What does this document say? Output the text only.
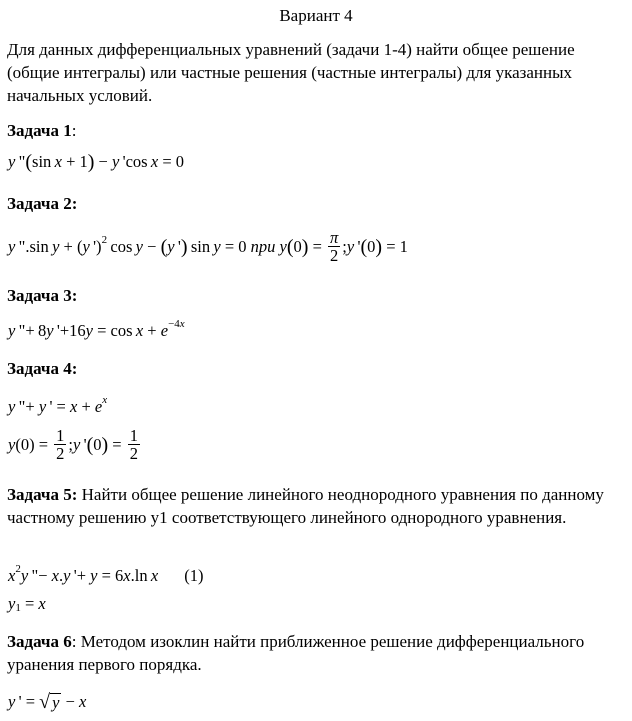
Вариант 4
Для данных дифференциальных уравнений (задачи 1-4) найти общее решение (общие интегралы) или частные решения (частные интегралы) для указанных начальных условий.
Задача 1:
y  " ( sin  x + 1 ) − y  'cos  x = 0
Задача 2:
y  ".sin  y + ( y  ') 2  cos  y − ( y  ' )  sin  y = 0 при
y ( 0 ) = $\frac{\pi}{2}$ ; y  ' ( 0 ) = 1
Задача 3:
y  "+ 8 y  '+16 y = cos  x + e −4x
Задача 4:
y  "+ y  ' = x + e x
y $(0) = \frac{1}{2}$ ; y  ' ( 0 ) = $\frac{1}{2}$
Задача 5: Найти общее решение линейного неоднородного уравнения по данному частному решению y1 соответствующего линейного однородного уравнения.
x 2 y  "− x . y  '+ y = 6 x .ln  x (1)
y 1 = x
Задача 6: Методом изоклин найти приближенное решение дифференциального уранения первого порядка.
y  ' = √ y − x
